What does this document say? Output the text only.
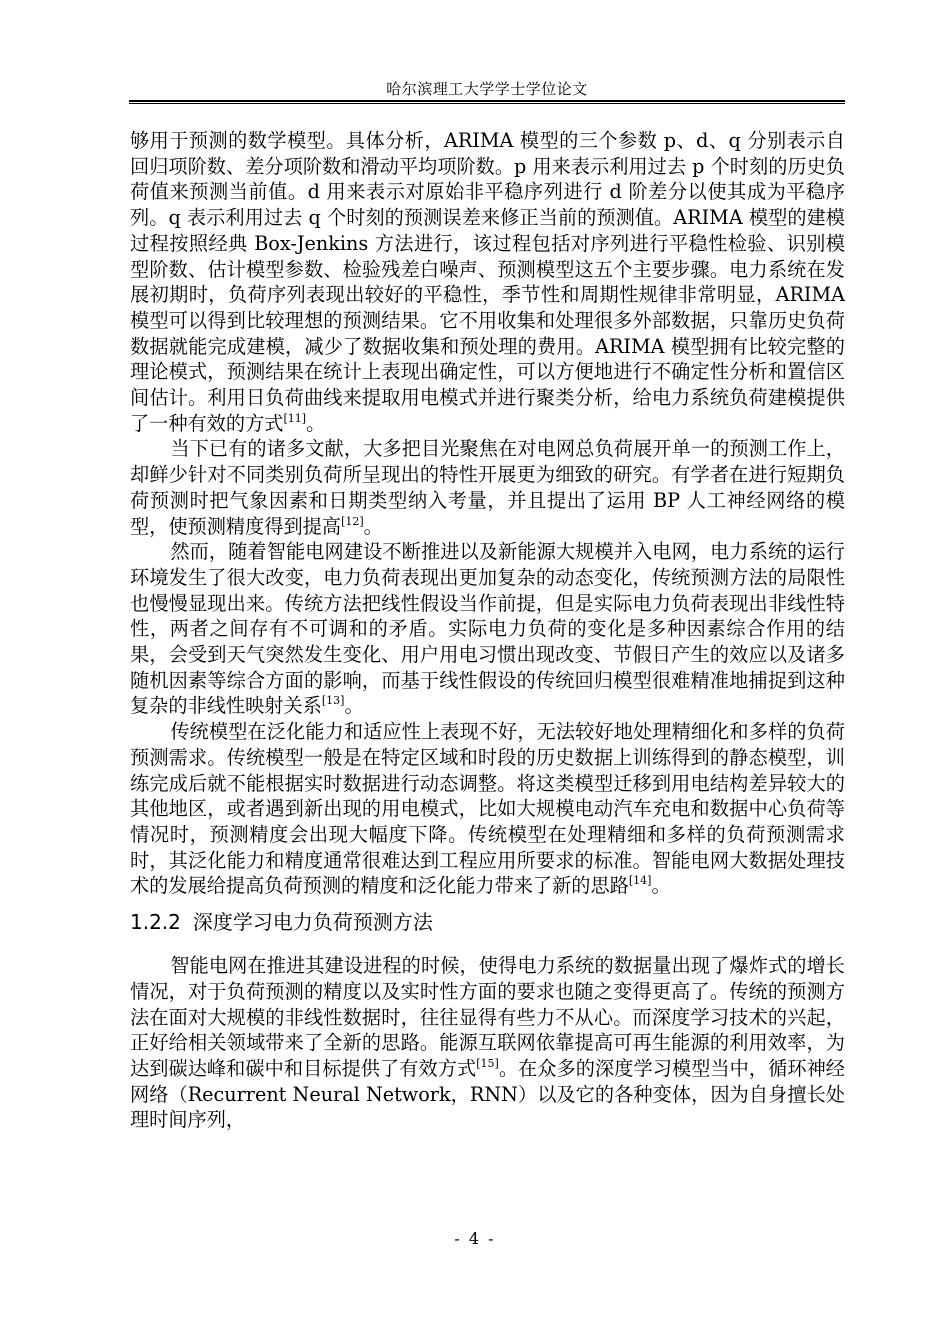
哈尔滨理工大学学士学位论文

够用于预测的数学模型。具体分析，ARIMA 模型的三个参数 p、d、q 分别表示自回归项阶数、差分项阶数和滑动平均项阶数。p 用来表示利用过去 p 个时刻的历史负荷值来预测当前值。d 用来表示对原始非平稳序列进行 d 阶差分以使其成为平稳序列。q 表示利用过去 q 个时刻的预测误差来修正当前的预测值。ARIMA 模型的建模过程按照经典 Box-Jenkins 方法进行，该过程包括对序列进行平稳性检验、识别模型阶数、估计模型参数、检验残差白噪声、预测模型这五个主要步骤。电力系统在发展初期时，负荷序列表现出较好的平稳性，季节性和周期性规律非常明显，ARIMA 模型可以得到比较理想的预测结果。它不用收集和处理很多外部数据，只靠历史负荷数据就能完成建模，减少了数据收集和预处理的费用。ARIMA 模型拥有比较完整的理论模式，预测结果在统计上表现出确定性，可以方便地进行不确定性分析和置信区间估计。利用日负荷曲线来提取用电模式并进行聚类分析，给电力系统负荷建模提供了一种有效的方式[11]。

当下已有的诸多文献，大多把目光聚焦在对电网总负荷展开单一的预测工作上，却鲜少针对不同类别负荷所呈现出的特性开展更为细致的研究。有学者在进行短期负荷预测时把气象因素和日期类型纳入考量，并且提出了运用 BP 人工神经网络的模型，使预测精度得到提高[12]。

然而，随着智能电网建设不断推进以及新能源大规模并入电网，电力系统的运行环境发生了很大改变，电力负荷表现出更加复杂的动态变化，传统预测方法的局限性也慢慢显现出来。传统方法把线性假设当作前提，但是实际电力负荷表现出非线性特性，两者之间存有不可调和的矛盾。实际电力负荷的变化是多种因素综合作用的结果，会受到天气突然发生变化、用户用电习惯出现改变、节假日产生的效应以及诸多随机因素等综合方面的影响，而基于线性假设的传统回归模型很难精准地捕捉到这种复杂的非线性映射关系[13]。

传统模型在泛化能力和适应性上表现不好，无法较好地处理精细化和多样的负荷预测需求。传统模型一般是在特定区域和时段的历史数据上训练得到的静态模型，训练完成后就不能根据实时数据进行动态调整。将这类模型迁移到用电结构差异较大的其他地区，或者遇到新出现的用电模式，比如大规模电动汽车充电和数据中心负荷等情况时，预测精度会出现大幅度下降。传统模型在处理精细和多样的负荷预测需求时，其泛化能力和精度通常很难达到工程应用所要求的标准。智能电网大数据处理技术的发展给提高负荷预测的精度和泛化能力带来了新的思路[14]。

1.2.2 深度学习电力负荷预测方法

智能电网在推进其建设进程的时候，使得电力系统的数据量出现了爆炸式的增长情况，对于负荷预测的精度以及实时性方面的要求也随之变得更高了。传统的预测方法在面对大规模的非线性数据时，往往显得有些力不从心。而深度学习技术的兴起，正好给相关领域带来了全新的思路。能源互联网依靠提高可再生能源的利用效率，为达到碳达峰和碳中和目标提供了有效方式[15]。在众多的深度学习模型当中，循环神经网络（Recurrent Neural Network，RNN）以及它的各种变体，因为自身擅长处理时间序列，

- 4 -
